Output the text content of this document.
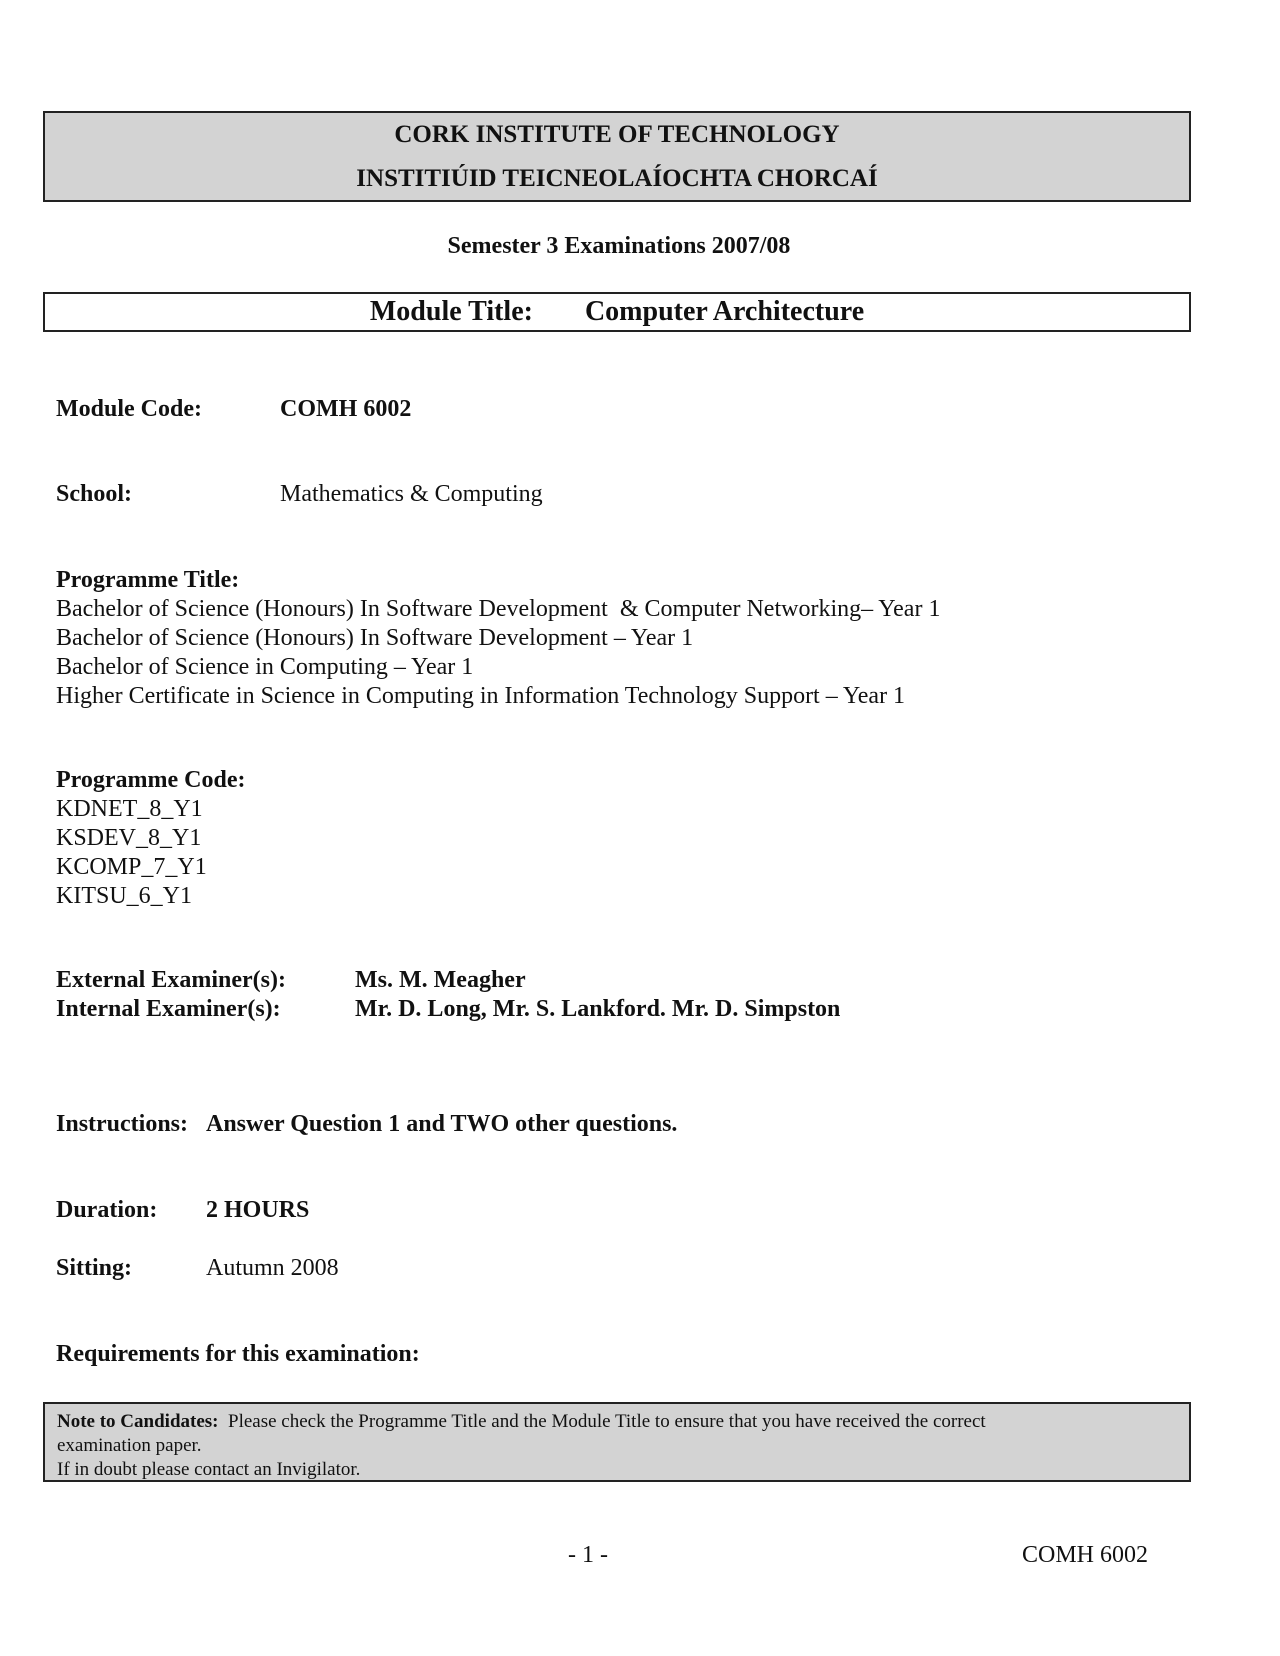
CORK INSTITUTE OF TECHNOLOGY
INSTITIÚID TEICNEOLAÍOCHTA CHORCAÍ
Semester 3 Examinations 2007/08
Module Title: Computer Architecture
Module Code:	COMH 6002
School:	Mathematics & Computing
Programme Title:
Bachelor of Science (Honours) In Software Development  & Computer Networking– Year 1
Bachelor of Science (Honours) In Software Development – Year 1
Bachelor of Science in Computing – Year 1
Higher Certificate in Science in Computing in Information Technology Support – Year 1
Programme Code:
KDNET_8_Y1
KSDEV_8_Y1
KCOMP_7_Y1
KITSU_6_Y1
External Examiner(s):	Ms. M. Meagher
Internal Examiner(s):	Mr. D. Long, Mr. S. Lankford. Mr. D. Simpston
Instructions: Answer Question 1 and TWO other questions.
Duration: 2 HOURS
Sitting:	Autumn 2008
Requirements for this examination:
Note to Candidates: Please check the Programme Title and the Module Title to ensure that you have received the correct
examination paper.
If in doubt please contact an Invigilator.
- 1 -	COMH 6002
